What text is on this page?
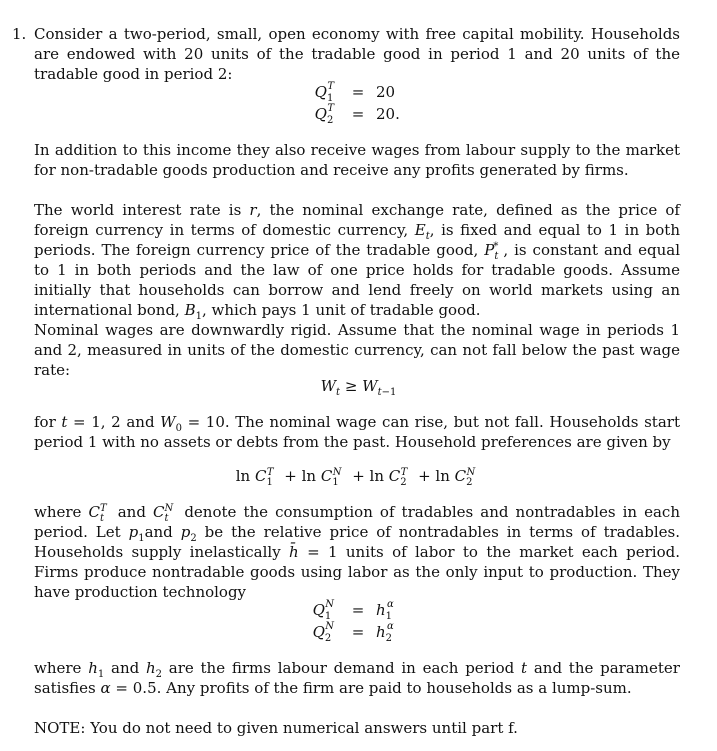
1. Consider a two-period, small, open economy with free capital mobility. Households are endowed with 20 units of the tradable good in period 1 and 20 units of the tradable good in period 2:

$Q_1^T$	= 20
$Q_2^T$	= 20.

In addition to this income they also receive wages from labour supply to the market for non-tradable goods production and receive any profits generated by firms.

The world interest rate is r, the nominal exchange rate, defined as the price of foreign currency in terms of domestic currency, $E_t$, is fixed and equal to 1 in both periods. The foreign currency price of the tradable good, $P_t^*$ , is constant and equal to 1 in both periods and the law of one price holds for tradable goods. Assume initially that households can borrow and lend freely on world markets using an international bond, $B_1$, which pays 1 unit of tradable good.

Nominal wages are downwardly rigid. Assume that the nominal wage in periods 1 and 2, measured in units of the domestic currency, can not fall below the past wage rate:

$W_t \ge W_{t-1}$

for t = 1, 2 and $W_0 = 10$. The nominal wage can rise, but not fall. Households start period 1 with no assets or debts from the past. Household preferences are given by

$\ln C_1^T + \ln C_1^N + \ln C_2^T + \ln C_2^N$

where $C_t^T$ and $C_t^N$ denote the consumption of tradables and nontradables in each period. Let $p_1and$ $p_2$ be the relative price of nontradables in terms of tradables. Households supply inelastically h̄ = 1 units of labor to the market each period. Firms produce nontradable goods using labor as the only input to production. They have production technology

$Q_1^N$	= $h_1^\alpha$
$Q_2^N$	= $h_2^\alpha$

where $h_1$ and $h_2$ are the firms labour demand in each period t and the parameter satisfies α = 0.5. Any profits of the firm are paid to households as a lump-sum.

NOTE: You do not need to given numerical answers until part f.
